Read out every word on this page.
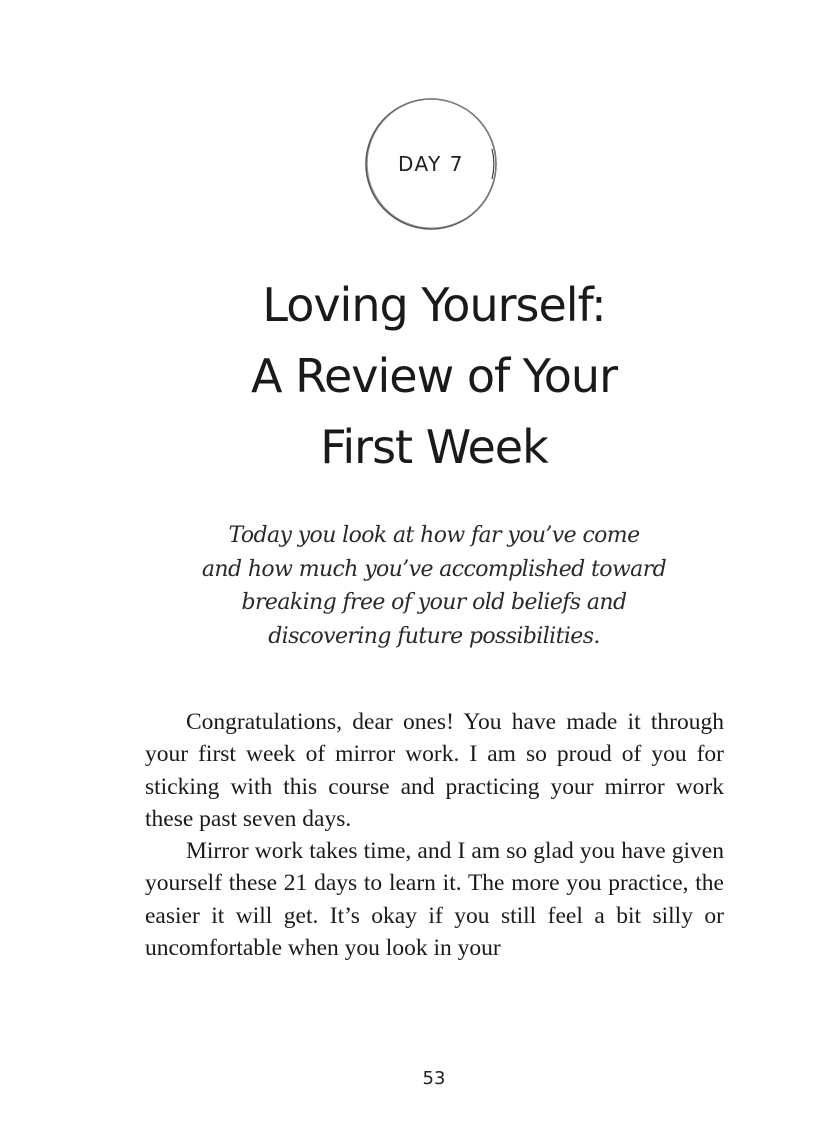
DAY 7
Loving Yourself:
A Review of Your
First Week
Today you look at how far you’ve come
and how much you’ve accomplished toward
breaking free of your old beliefs and
discovering future possibilities.

Congratulations, dear ones! You have made it through your first week of mirror work. I am so proud of you for sticking with this course and practicing your mirror work these past seven days.

Mirror work takes time, and I am so glad you have given yourself these 21 days to learn it. The more you practice, the easier it will get. It’s okay if you still feel a bit silly or uncomfortable when you look in your

53
